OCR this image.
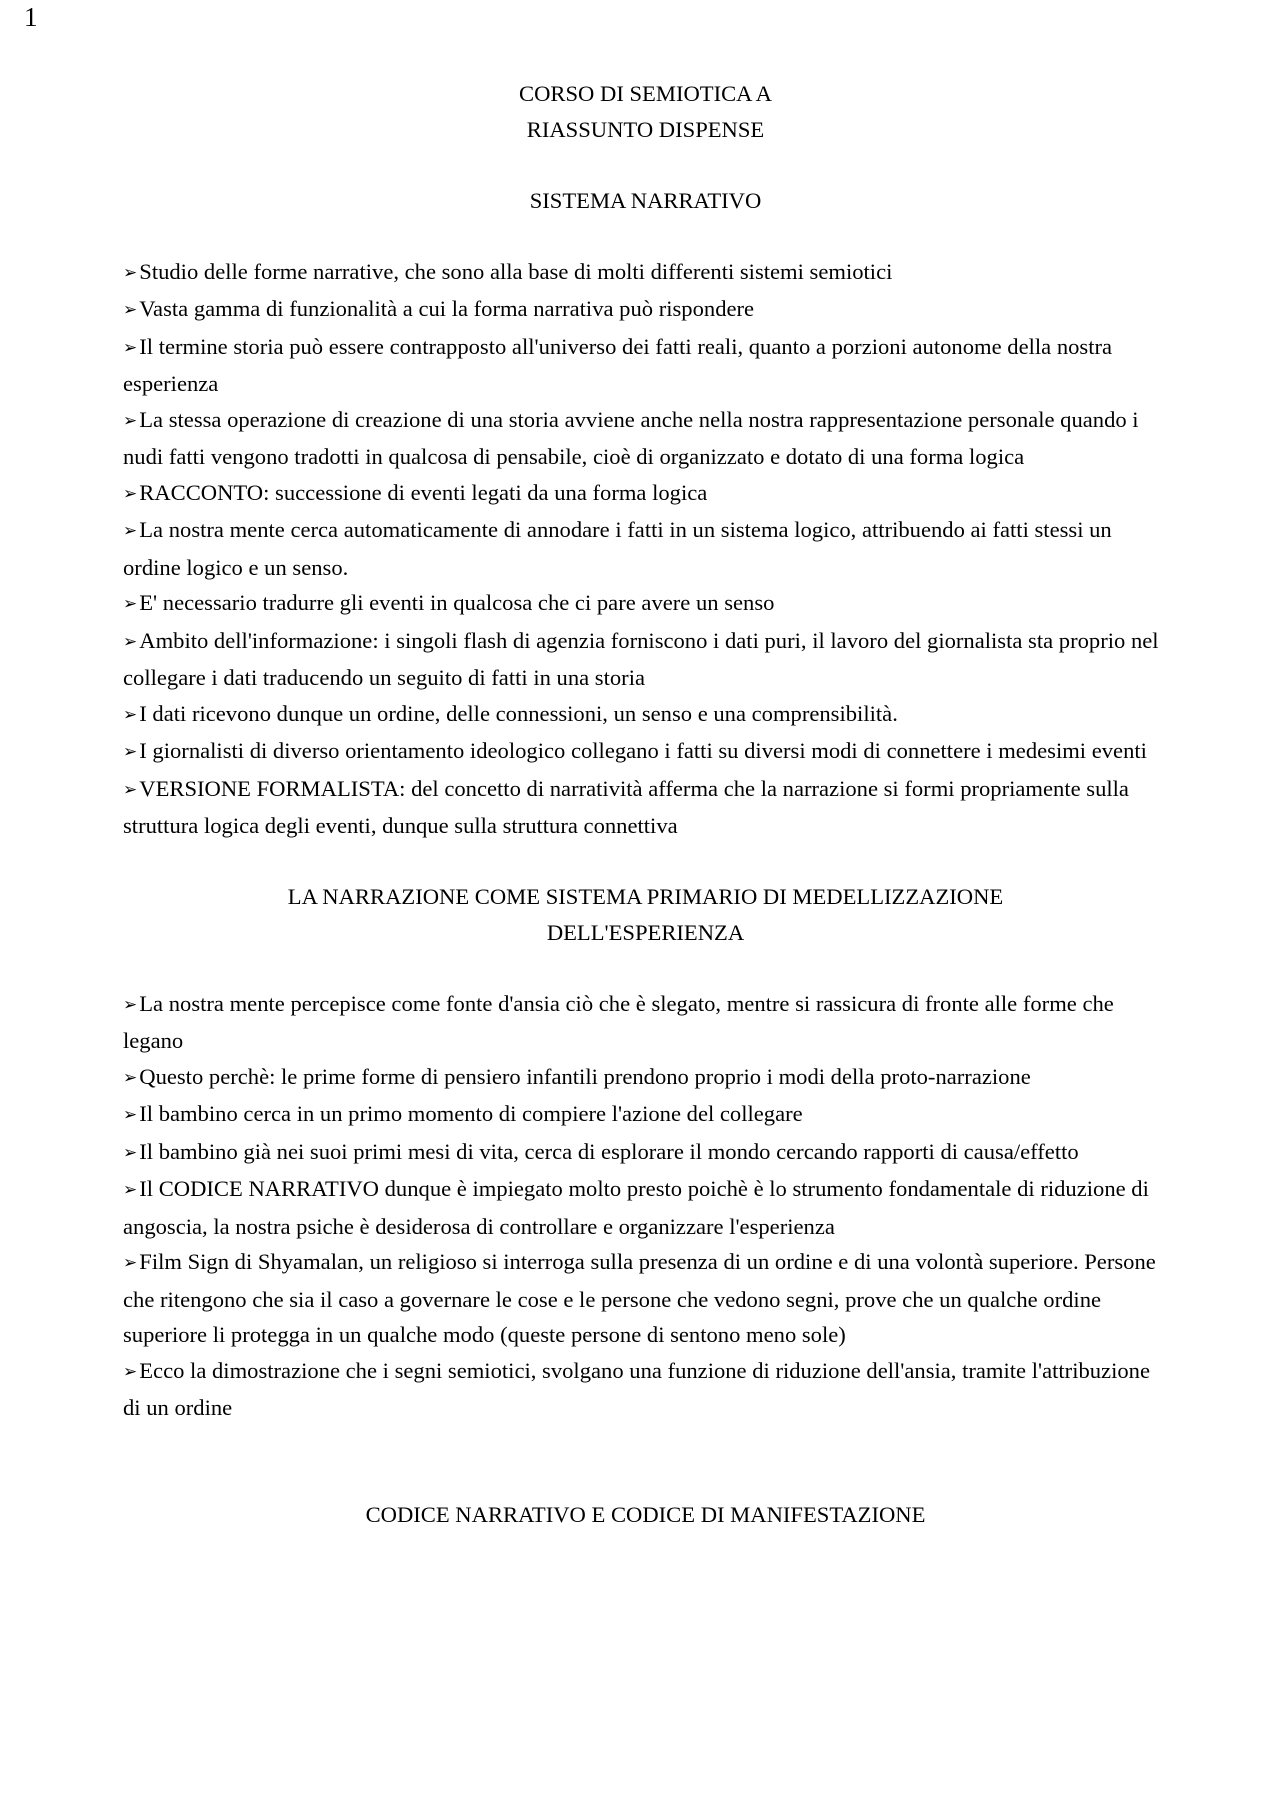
1

CORSO DI SEMIOTICA A

RIASSUNTO DISPENSE

SISTEMA NARRATIVO

➢Studio delle forme narrative, che sono alla base di molti differenti sistemi semiotici
➢Vasta gamma di funzionalità a cui la forma narrativa può rispondere
➢Il termine storia può essere contrapposto all'universo dei fatti reali, quanto a porzioni autonome della nostra esperienza
➢La stessa operazione di creazione di una storia avviene anche nella nostra rappresentazione personale quando i nudi fatti vengono tradotti in qualcosa di pensabile, cioè di organizzato e dotato di una forma logica
➢RACCONTO: successione di eventi legati da una forma logica
➢La nostra mente cerca automaticamente di annodare i fatti in un sistema logico, attribuendo ai fatti stessi un ordine logico e un senso.
➢E' necessario tradurre gli eventi in qualcosa che ci pare avere un senso
➢Ambito dell'informazione: i singoli flash di agenzia forniscono i dati puri, il lavoro del giornalista sta proprio nel collegare i dati traducendo un seguito di fatti in una storia
➢I dati ricevono dunque un ordine, delle connessioni, un senso e una comprensibilità.
➢I giornalisti di diverso orientamento ideologico collegano i fatti su diversi modi di connettere i medesimi eventi
➢VERSIONE FORMALISTA: del concetto di narratività afferma che la narrazione si formi propriamente sulla struttura logica degli eventi, dunque sulla struttura connettiva

LA NARRAZIONE COME SISTEMA PRIMARIO DI MEDELLIZZAZIONE

DELL'ESPERIENZA

➢La nostra mente percepisce come fonte d'ansia ciò che è slegato, mentre si rassicura di fronte alle forme che legano
➢Questo perchè: le prime forme di pensiero infantili prendono proprio i modi della proto-narrazione
➢Il bambino cerca in un primo momento di compiere l'azione del collegare
➢Il bambino già nei suoi primi mesi di vita, cerca di esplorare il mondo cercando rapporti di causa/effetto
➢Il CODICE NARRATIVO dunque è impiegato molto presto poichè è lo strumento fondamentale di riduzione di angoscia, la nostra psiche è desiderosa di controllare e organizzare l'esperienza
➢Film Sign di Shyamalan, un religioso si interroga sulla presenza di un ordine e di una volontà superiore. Persone che ritengono che sia il caso a governare le cose e le persone che vedono segni, prove che un qualche ordine superiore li protegga in un qualche modo (queste persone di sentono meno sole)
➢Ecco la dimostrazione che i segni semiotici, svolgano una funzione di riduzione dell'ansia, tramite l'attribuzione di un ordine

CODICE NARRATIVO E CODICE DI MANIFESTAZIONE
